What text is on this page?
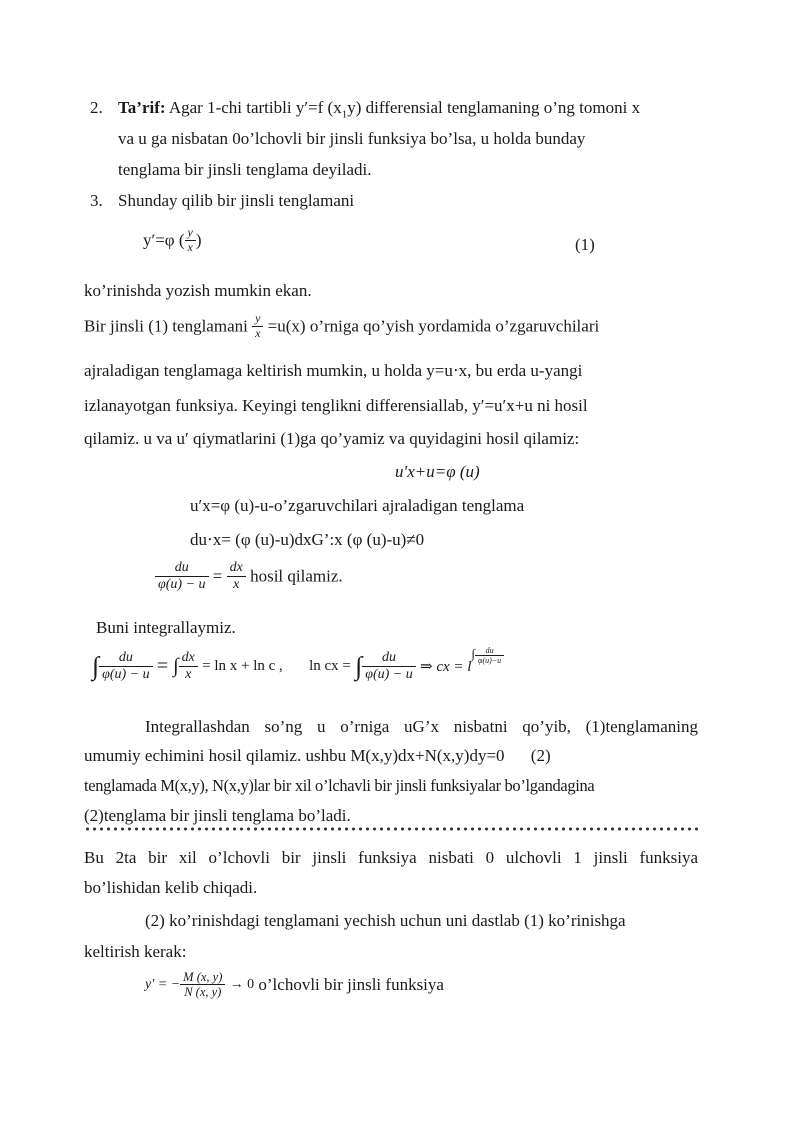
2. Ta’rif: Agar 1-chi tartibli y′=f $(x_1y)$ differensial tenglamaning o’ng tomoni x
va u ga nisbatan 0o’lchovli bir jinsli funksiya bo’lsa, u holda bunday
tenglama bir jinsli tenglama deyiladi.
3. Shunday qilib bir jinsli tenglamani
y′=φ ( $\frac{y}{x}$ )	(1)
ko’rinishda yozish mumkin ekan.
Bir jinsli (1) tenglamani $\frac{y}{x} =u(x)$ o’rniga qo’yish yordamida o’zgaruvchilari
ajraladigan tenglamaga keltirish mumkin, u holda y=u⋅x, bu erda u-yangi
izlanayotgan funksiya. Keyingi tenglikni differensiallab, y′=u′x+u ni hosil
qilamiz. u va u′ qiymatlarini (1)ga qo’yamiz va quyidagini hosil qilamiz:
u′x+u=φ (u)
u′x=φ (u)-u-o’zgaruvchilari ajraladigan tenglama
du⋅x= (φ (u)-u)dxG’:x (φ (u)-u)≠0
$\frac{du}{\varphi(u) - u} = \frac{dx}{x}$ hosil qilamiz.
Buni integrallaymiz.
∫ $\frac{du}{\varphi(u) - u}$ = ∫ $\frac{dx}{x} = \ln x + \ln c$ , ln cx = ∫ $\frac{du}{\varphi(u) - u}$ ⇒ cx = $l\int \frac{du}{\varphi(u)-u}$
Integrallashdan so’ng u o’rniga uG’x nisbatni qo’yib, (1)tenglamaning
umumiy echimini hosil qilamiz. ushbu M(x,y)dx+N(x,y)dy=0 (2)
tenglamada M(x,y), N(x,y)lar bir xil o’lchavli bir jinsli funksiyalar bo’lgandagina
(2)tenglama bir jinsli tenglama bo’ladi.
Bu 2ta bir xil o’lchovli bir jinsli funksiya nisbati 0 ulchovli 1 jinsli funksiya
bo’lishidan kelib chiqadi.
(2) ko’rinishdagi tenglamani yechish uchun uni dastlab (1) ko’rinishga
keltirish kerak:
y′ = − $\frac{M (x, y)}{N (x, y)} \to 0$ o’lchovli bir jinsli funksiya
